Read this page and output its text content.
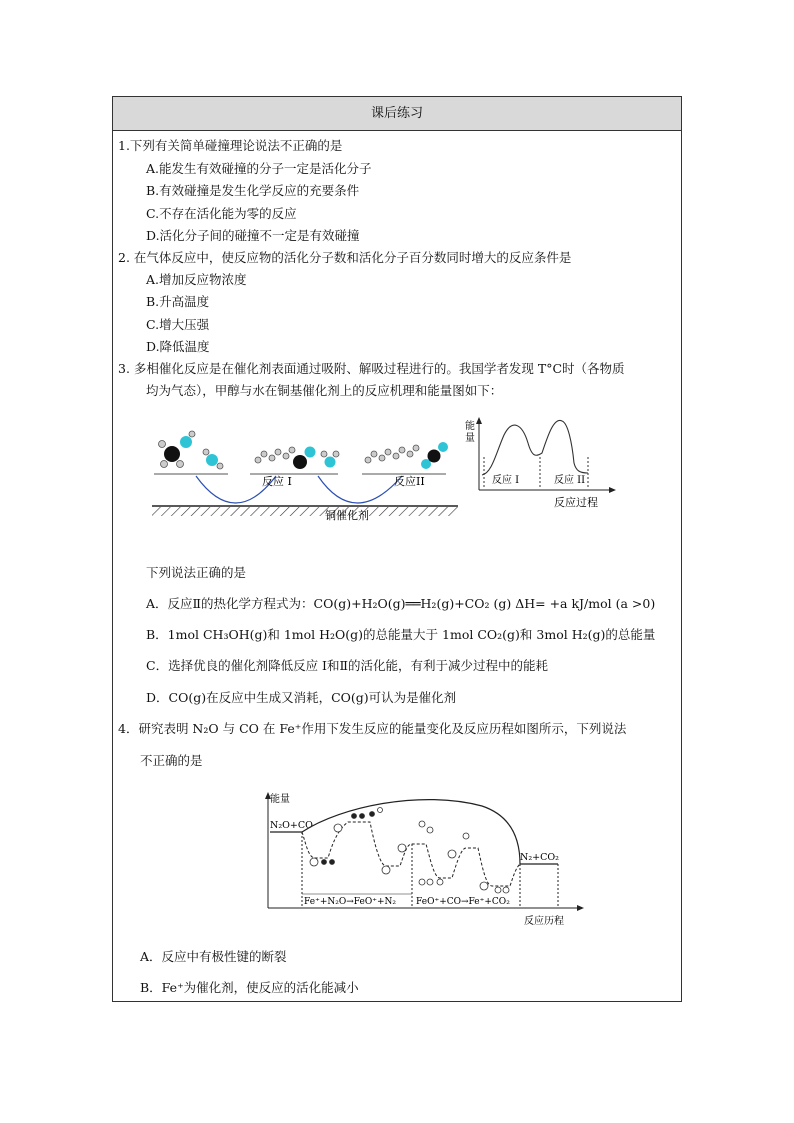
课后练习
1.下列有关简单碰撞理论说法不正确的是
A.能发生有效碰撞的分子一定是活化分子
B.有效碰撞是发生化学反应的充要条件
C.不存在活化能为零的反应
D.活化分子间的碰撞不一定是有效碰撞
2. 在气体反应中，使反应物的活化分子数和活化分子百分数同时增大的反应条件是
A.增加反应物浓度
B.升高温度
C.增大压强
D.降低温度
3. 多相催化反应是在催化剂表面通过吸附、解吸过程进行的。我国学者发现 T°C时（各物质
均为气态），甲醇与水在铜基催化剂上的反应机理和能量图如下：
反应 I	反应II
铜催化剂
能
量
反应 I	反应 II
反应过程
下列说法正确的是
A．反应Ⅱ的热化学方程式为：CO(g)+H₂O(g)══H₂(g)+CO₂ (g) ΔH= +a kJ/mol (a >0)
B．1mol CH₃OH(g)和 1mol H₂O(g)的总能量大于 1mol CO₂(g)和 3mol H₂(g)的总能量
C．选择优良的催化剂降低反应 I和Ⅱ的活化能，有利于减少过程中的能耗
D．CO(g)在反应中生成又消耗，CO(g)可认为是催化剂
4．研究表明 N₂O 与 CO 在 Fe⁺作用下发生反应的能量变化及反应历程如图所示，下列说法
不正确的是
能量
N₂O+CO
N₂+CO₂
Fe⁺+N₂O→FeO⁺+N₂ FeO⁺+CO→Fe⁺+CO₂
反应历程
A．反应中有极性键的断裂
B．Fe⁺为催化剂，使反应的活化能减小
